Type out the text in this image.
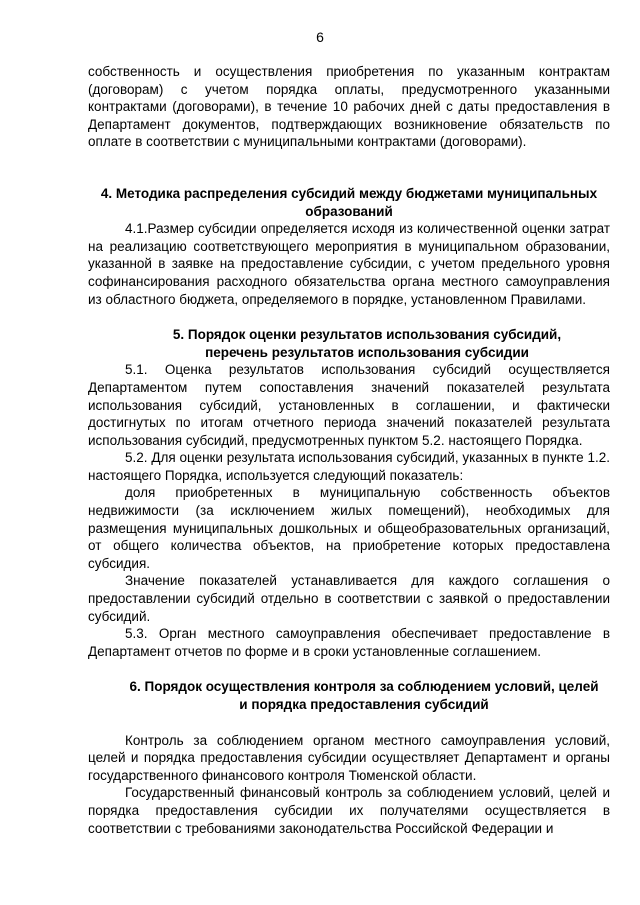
6

собственность и осуществления приобретения по указанным контрактам (договорам) с учетом порядка оплаты, предусмотренного указанными контрактами (договорами), в течение 10 рабочих дней с даты предоставления в Департамент документов, подтверждающих возникновение обязательств по оплате в соответствии с муниципальными контрактами (договорами).

4. Методика распределения субсидий между бюджетами муниципальных
образований

4.1.Размер субсидии определяется исходя из количественной оценки затрат на реализацию соответствующего мероприятия в муниципальном образовании, указанной в заявке на предоставление субсидии, с учетом предельного уровня софинансирования расходного обязательства органа местного самоуправления из областного бюджета, определяемого в порядке, установленном Правилами.

5. Порядок оценки результатов использования субсидий,
перечень результатов использования субсидии

5.1. Оценка результатов использования субсидий осуществляется Департаментом путем сопоставления значений показателей результата использования субсидий, установленных в соглашении, и фактически достигнутых по итогам отчетного периода значений показателей результата использования субсидий, предусмотренных пунктом 5.2. настоящего Порядка.

5.2. Для оценки результата использования субсидий, указанных в пункте 1.2. настоящего Порядка, используется следующий показатель:

доля приобретенных в муниципальную собственность объектов недвижимости (за исключением жилых помещений), необходимых для размещения муниципальных дошкольных и общеобразовательных организаций, от общего количества объектов, на приобретение которых предоставлена субсидия.

Значение показателей устанавливается для каждого соглашения о предоставлении субсидий отдельно в соответствии с заявкой о предоставлении субсидий.

5.3. Орган местного самоуправления обеспечивает предоставление в Департамент отчетов по форме и в сроки установленные соглашением.

6. Порядок осуществления контроля за соблюдением условий, целей
и порядка предоставления субсидий

Контроль за соблюдением органом местного самоуправления условий, целей и порядка предоставления субсидии осуществляет Департамент и органы государственного финансового контроля Тюменской области.

Государственный финансовый контроль за соблюдением условий, целей и порядка предоставления субсидии их получателями осуществляется в соответствии с требованиями законодательства Российской Федерации и
